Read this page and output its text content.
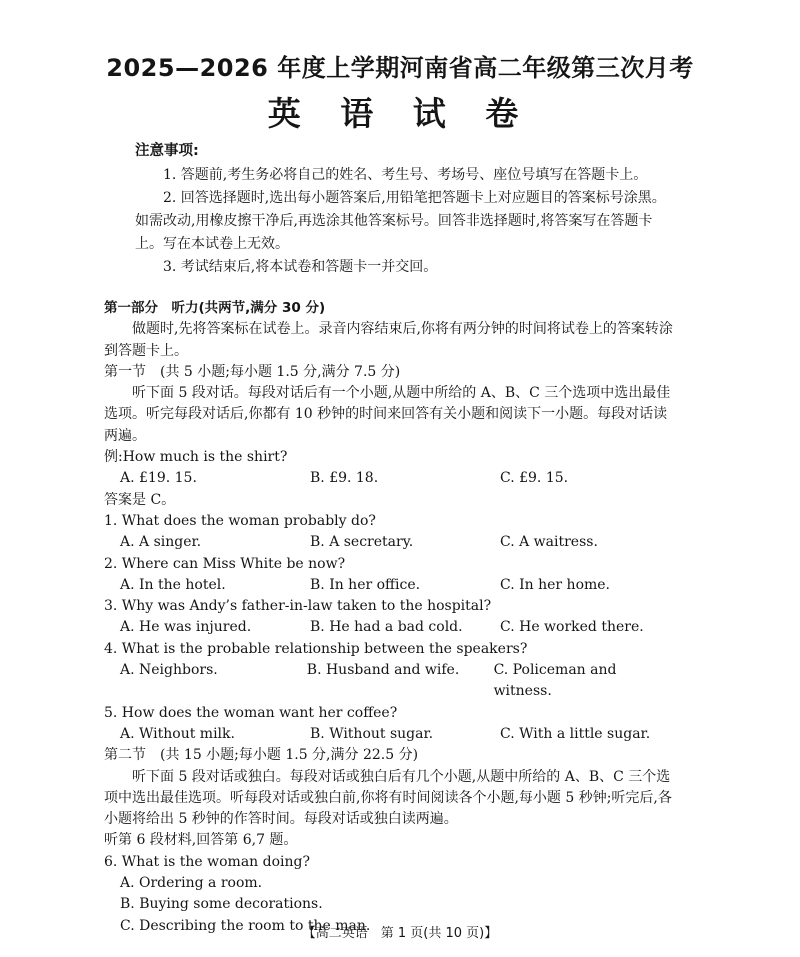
2025—2026 年度上学期河南省高二年级第三次月考
英 语 试 卷
注意事项:

1. 答题前,考生务必将自己的姓名、考生号、考场号、座位号填写在答题卡上。

2. 回答选择题时,选出每小题答案后,用铅笔把答题卡上对应题目的答案标号涂黑。如需改动,用橡皮擦干净后,再选涂其他答案标号。回答非选择题时,将答案写在答题卡上。写在本试卷上无效。

3. 考试结束后,将本试卷和答题卡一并交回。

第一部分　听力(共两节,满分 30 分)

做题时,先将答案标在试卷上。录音内容结束后,你将有两分钟的时间将试卷上的答案转涂到答题卡上。

第一节　(共 5 小题;每小题 1.5 分,满分 7.5 分)

听下面 5 段对话。每段对话后有一个小题,从题中所给的 A、B、C 三个选项中选出最佳选项。听完每段对话后,你都有 10 秒钟的时间来回答有关小题和阅读下一小题。每段对话读两遍。

例:How much is the shirt?

A. £19. 15.	B. £9. 18.	C. £9. 15.

答案是 C。

1. What does the woman probably do?

A. A singer.	B. A secretary.	C. A waitress.

2. Where can Miss White be now?

A. In the hotel.	B. In her office.	C. In her home.

3. Why was Andy’s father-in-law taken to the hospital?

A. He was injured.	B. He had a bad cold.	C. He worked there.

4. What is the probable relationship between the speakers?

A. Neighbors.	B. Husband and wife.	C. Policeman and witness.

5. How does the woman want her coffee?

A. Without milk.	B. Without sugar.	C. With a little sugar.

第二节　(共 15 小题;每小题 1.5 分,满分 22.5 分)

听下面 5 段对话或独白。每段对话或独白后有几个小题,从题中所给的 A、B、C 三个选项中选出最佳选项。听每段对话或独白前,你将有时间阅读各个小题,每小题 5 秒钟;听完后,各小题将给出 5 秒钟的作答时间。每段对话或独白读两遍。

听第 6 段材料,回答第 6,7 题。

6. What is the woman doing?

A. Ordering a room.

B. Buying some decorations.

C. Describing the room to the man.

【高二英语　第 1 页(共 10 页)】
